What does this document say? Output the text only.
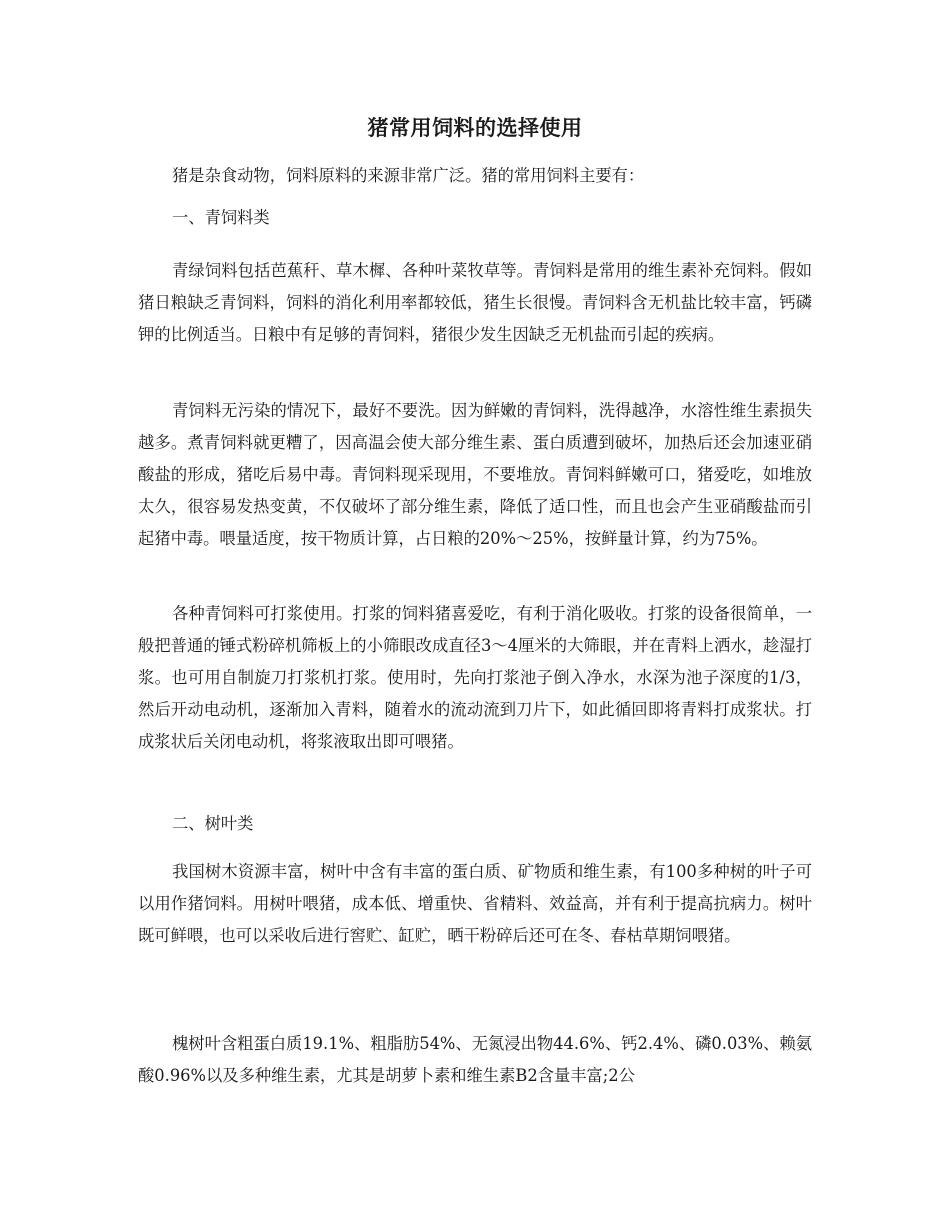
猪常用饲料的选择使用

猪是杂食动物，饲料原料的来源非常广泛。猪的常用饲料主要有：

一、青饲料类

青绿饲料包括芭蕉秆、草木樨、各种叶菜牧草等。青饲料是常用的维生素补充饲料。假如猪日粮缺乏青饲料，饲料的消化利用率都较低，猪生长很慢。青饲料含无机盐比较丰富，钙磷钾的比例适当。日粮中有足够的青饲料，猪很少发生因缺乏无机盐而引起的疾病。

青饲料无污染的情况下，最好不要洗。因为鲜嫩的青饲料，洗得越净，水溶性维生素损失越多。煮青饲料就更糟了，因高温会使大部分维生素、蛋白质遭到破坏，加热后还会加速亚硝酸盐的形成，猪吃后易中毒。青饲料现采现用，不要堆放。青饲料鲜嫩可口，猪爱吃，如堆放太久，很容易发热变黄，不仅破坏了部分维生素，降低了适口性，而且也会产生亚硝酸盐而引起猪中毒。喂量适度，按干物质计算，占日粮的20%～25%，按鲜量计算，约为75%。

各种青饲料可打浆使用。打浆的饲料猪喜爱吃，有利于消化吸收。打浆的设备很简单，一般把普通的锤式粉碎机筛板上的小筛眼改成直径3～4厘米的大筛眼，并在青料上洒水，趁湿打浆。也可用自制旋刀打浆机打浆。使用时，先向打浆池子倒入净水，水深为池子深度的1/3，然后开动电动机，逐渐加入青料，随着水的流动流到刀片下，如此循回即将青料打成浆状。打成浆状后关闭电动机，将浆液取出即可喂猪。

二、树叶类

我国树木资源丰富，树叶中含有丰富的蛋白质、矿物质和维生素，有100多种树的叶子可以用作猪饲料。用树叶喂猪，成本低、增重快、省精料、效益高，并有利于提高抗病力。树叶既可鲜喂，也可以采收后进行窖贮、缸贮，晒干粉碎后还可在冬、春枯草期饲喂猪。

槐树叶含粗蛋白质19.1%、粗脂肪54%、无氮浸出物44.6%、钙2.4%、磷0.03%、赖氨酸0.96%以及多种维生素，尤其是胡萝卜素和维生素B2含量丰富;2公
